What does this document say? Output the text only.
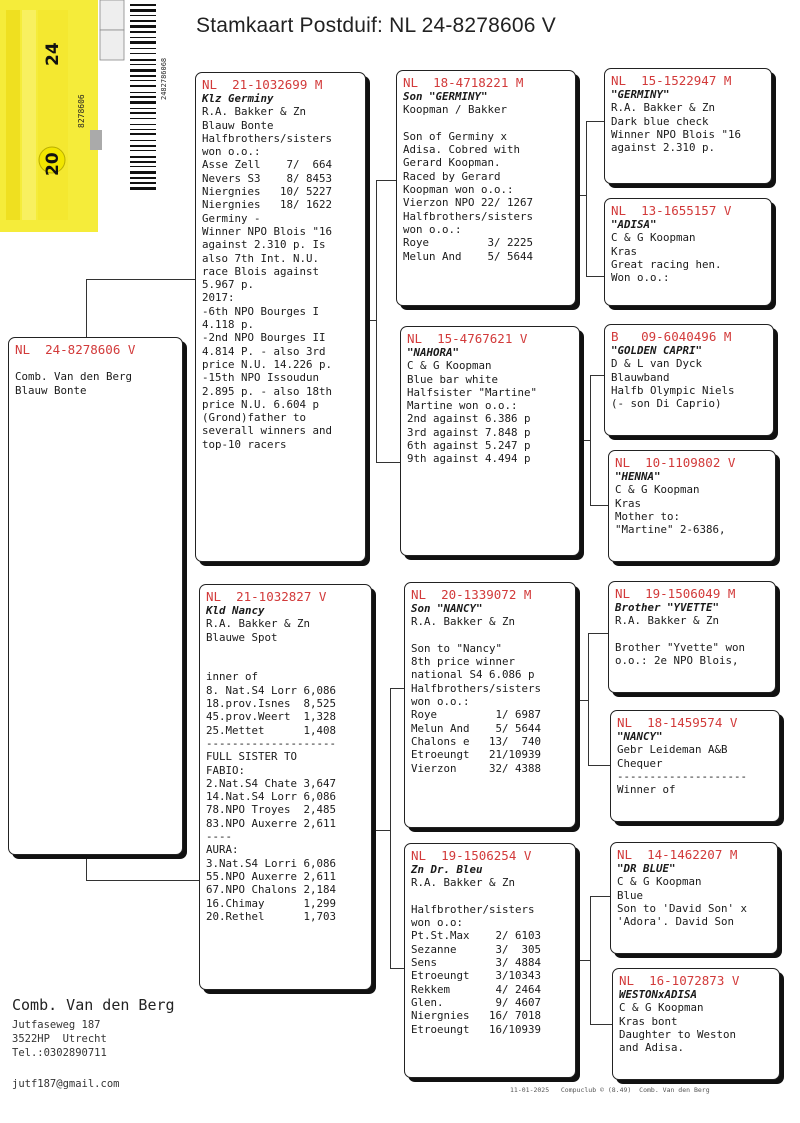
Stamkaart Postduif: NL 24-8278606 V
24
20
8278606
2482786068
NL  24-8278606 V

Comb. Van den Berg
Blauw Bonte
NL  21-1032699 M
Klz Germiny
R.A. Bakker & Zn
Blauw Bonte
Halfbrothers/sisters
won o.o.:
Asse Zell    7/  664
Nevers S3    8/ 8453
Niergnies   10/ 5227
Niergnies   18/ 1622
Germiny -
Winner NPO Blois "16
against 2.310 p. Is
also 7th Int. N.U.
race Blois against
5.967 p.
2017:
-6th NPO Bourges I
4.118 p.
-2nd NPO Bourges II
4.814 P. - also 3rd
price N.U. 14.226 p.
-15th NPO Issoudun
2.895 p. - also 18th
price N.U. 6.604 p
(Grond)father to
severall winners and
top-10 racers
NL  21-1032827 V
Kld Nancy
R.A. Bakker & Zn
Blauwe Spot

inner of
8. Nat.S4 Lorr 6,086
18.prov.Isnes  8,525
45.prov.Weert  1,328
25.Mettet      1,408
--------------------
FULL SISTER TO
FABIO:
2.Nat.S4 Chate 3,647
14.Nat.S4 Lorr 6,086
78.NPO Troyes  2,485
83.NPO Auxerre 2,611
----
AURA:
3.Nat.S4 Lorri 6,086
55.NPO Auxerre 2,611
67.NPO Chalons 2,184
16.Chimay      1,299
20.Rethel      1,703
NL  18-4718221 M
Son "GERMINY"
Koopman / Bakker

Son of Germiny x
Adisa. Cobred with
Gerard Koopman.
Raced by Gerard
Koopman won o.o.:
Vierzon NPO 22/ 1267
Halfbrothers/sisters
won o.o.:
Roye         3/ 2225
Melun And    5/ 5644
NL  15-4767621 V
"NAHORA"
C & G Koopman
Blue bar white
Halfsister "Martine"
Martine won o.o.:
2nd against 6.386 p
3rd against 7.848 p
6th against 5.247 p
9th against 4.494 p
NL  20-1339072 M
Son "NANCY"
R.A. Bakker & Zn

Son to "Nancy"
8th price winner
national S4 6.086 p
Halfbrothers/sisters
won o.o.:
Roye         1/ 6987
Melun And    5/ 5644
Chalons e   13/  740
Etroeungt   21/10939
Vierzon     32/ 4388
NL  19-1506254 V
Zn Dr. Bleu
R.A. Bakker & Zn

Halfbrother/sisters
won o.o:
Pt.St.Max    2/ 6103
Sezanne      3/  305
Sens         3/ 4884
Etroeungt    3/10343
Rekkem       4/ 2464
Glen.        9/ 4607
Niergnies   16/ 7018
Etroeungt   16/10939
NL  15-1522947 M
"GERMINY"
R.A. Bakker & Zn
Dark blue check
Winner NPO Blois "16
against 2.310 p.
NL  13-1655157 V
"ADISA"
C & G Koopman
Kras
Great racing hen.
Won o.o.:
B   09-6040496 M
"GOLDEN CAPRI"
D & L van Dyck
Blauwband
Halfb Olympic Niels
(- son Di Caprio)
NL  10-1109802 V
"HENNA"
C & G Koopman
Kras
Mother to:
"Martine" 2-6386,
NL  19-1506049 M
Brother "YVETTE"
R.A. Bakker & Zn

Brother "Yvette" won
o.o.: 2e NPO Blois,
NL  18-1459574 V
"NANCY"
Gebr Leideman A&B
Chequer
--------------------
Winner of
NL  14-1462207 M
"DR BLUE"
C & G Koopman
Blue
Son to 'David Son' x
'Adora'. David Son
NL  16-1072873 V
WESTONxADISA
C & G Koopman
Kras bont
Daughter to Weston
and Adisa.
Comb. Van den Berg
Jutfaseweg 187
3522HP  Utrecht
Tel.:0302890711
jutf187@gmail.com	11-01-2025 Compuclub © (8.49) Comb. Van den Berg
